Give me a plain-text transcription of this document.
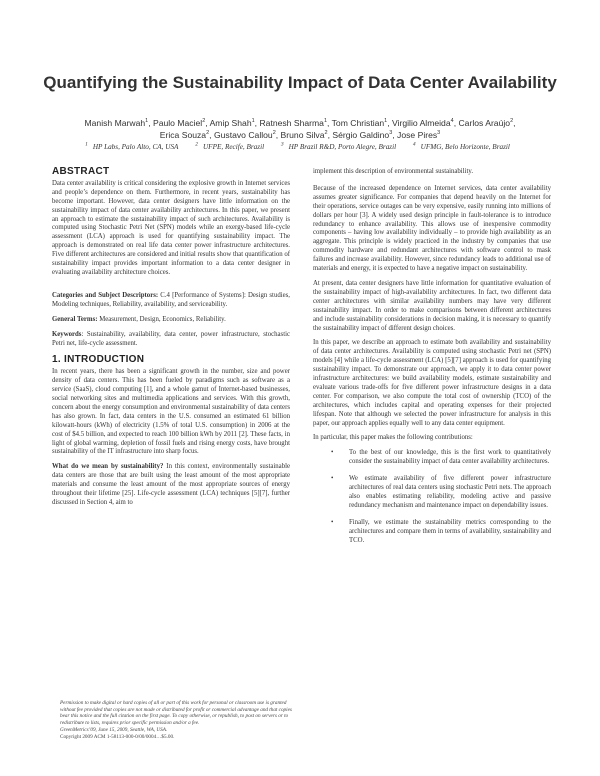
Quantifying the Sustainability Impact of Data Center Availability
Manish Marwah$^1$, Paulo Maciel$^2$, Amip Shah$^1$, Ratnesh Sharma$^1$, Tom Christian$^1$, Virgilio Almeida$^4$, Carlos Araújo$^2$,
Erica Souza$^2$, Gustavo Callou$^2$, Bruno Silva$^2$, Sérgio Galdino$^3$, Jose Pires$^3$
$^1$ HP Labs, Palo Alto, CA, USA	$^2$ UFPE, Recife, Brazil	$^3$ HP Brazil R&D, Porto Alegre, Brazil	$^4$ UFMG, Belo Horizonte, Brazil
ABSTRACT

Data center availability is critical considering the explosive growth in Internet services and people’s dependence on them. Furthermore, in recent years, sustainability has become important. However, data center designers have little information on the sustainability impact of data center availability architectures. In this paper, we present an approach to estimate the sustainability impact of such architectures. Availability is computed using Stochastic Petri Net (SPN) models while an exergy-based life-cycle assessment (LCA) approach is used for quantifying sustainability impact. The approach is demonstrated on real life data center power infrastructure architectures. Five different architectures are considered and initial results show that quantification of sustainability impact provides important information to a data center designer in evaluating availability architecture choices.

Categories and Subject Descriptors: C.4 [Performance of Systems]: Design studies, Modeling techniques, Reliability, availability, and serviceability.

General Terms: Measurement, Design, Economics, Reliability.

Keywords: Sustainability, availability, data center, power infrastructure, stochastic Petri net, life-cycle assessment.

1. INTRODUCTION

In recent years, there has been a significant growth in the number, size and power density of data centers. This has been fueled by paradigms such as software as a service (SaaS), cloud computing [1], and a whole gamut of Internet-based businesses, social networking sites and multimedia applications and services. With this growth, concern about the energy consumption and environmental sustainability of data centers has also grown. In fact, data centers in the U.S. consumed an estimated 61 billion kilowatt-hours (kWh) of electricity (1.5% of total U.S. consumption) in 2006 at the cost of $4.5 billion, and expected to reach 100 billion kWh by 2011 [2]. These facts, in light of global warming, depletion of fossil fuels and rising energy costs, have brought sustainability of the IT infrastructure into sharp focus.

What do we mean by sustainability? In this context, environmentally sustainable data centers are those that are built using the least amount of the most appropriate materials and consume the least amount of the most appropriate sources of energy throughout their lifetime [25]. Life-cycle assessment (LCA) techniques [5][7], further discussed in Section 4, aim to

Permission to make digital or hard copies of all or part of this work for personal or classroom use is granted without fee provided that copies are not made or distributed for profit or commercial advantage and that copies bear this notice and the full citation on the first page. To copy otherwise, or republish, to post on servers or to redistribute to lists, requires prior specific permission and/or a fee.
GreenMetrics’09, June 15, 2009, Seattle, WA, USA.
Copyright 2009 ACM 1-58113-000-0/00/0004…$5.00.

implement this description of environmental sustainability.

Because of the increased dependence on Internet services, data center availability assumes greater significance. For companies that depend heavily on the Internet for their operations, service outages can be very expensive, easily running into millions of dollars per hour [3]. A widely used design principle in fault-tolerance is to introduce redundancy to enhance availability. This allows use of inexpensive commodity components – having low availability individually – to provide high availability as an aggregate. This principle is widely practiced in the industry by companies that use commodity hardware and redundant architectures with software control to mask failures and increase availability. However, since redundancy leads to additional use of materials and energy, it is expected to have a negative impact on sustainability.

At present, data center designers have little information for quantitative evaluation of the sustainability impact of high-availability architectures. In fact, two different data center architectures with similar availability numbers may have very different sustainability impact. In order to make comparisons between different architectures and include sustainability considerations in decision making, it is necessary to quantify the sustainability impact of different design choices.

In this paper, we describe an approach to estimate both availability and sustainability of data center architectures. Availability is computed using stochastic Petri net (SPN) models [4] while a life-cycle assessment (LCA) [5][7] approach is used for quantifying sustainability impact. To demonstrate our approach, we apply it to data center power infrastructure architectures: we build availability models, estimate sustainability and evaluate various trade-offs for five different power infrastructure designs in a data center. For comparison, we also compute the total cost of ownership (TCO) of the architectures, which includes capital and operating expenses for their projected lifespan. Note that although we selected the power infrastructure for analysis in this paper, our approach applies equally well to any data center equipment.

In particular, this paper makes the following contributions:

• To the best of our knowledge, this is the first work to quantitatively consider the sustainability impact of data center availability architectures.
• We estimate availability of five different power infrastructure architectures of real data centers using stochastic Petri nets. The approach also enables estimating reliability, modeling active and passive redundancy mechanism and maintenance impact on dependability issues.
• Finally, we estimate the sustainability metrics corresponding to the architectures and compare them in terms of availability, sustainability and TCO.
